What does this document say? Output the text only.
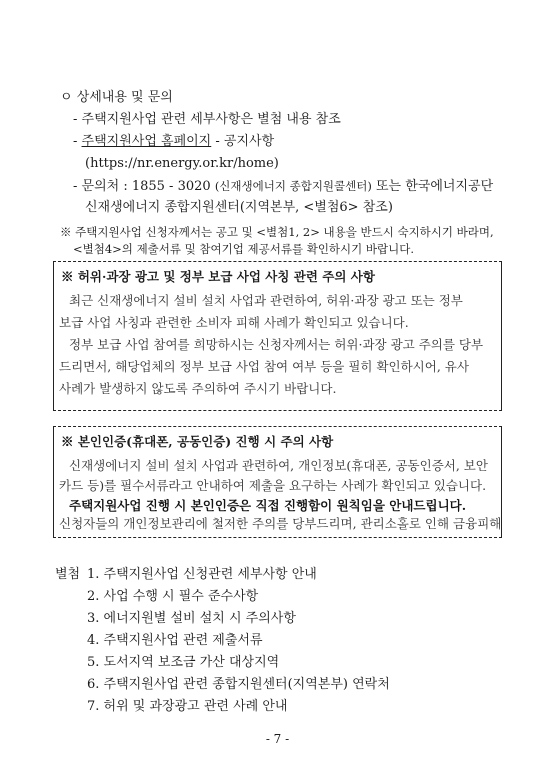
ㅇ 상세내용 및 문의
- 주택지원사업 관련 세부사항은 별첨 내용 참조
- 주택지원사업 홈페이지 - 공지사항
(https://nr.energy.or.kr/home)
- 문의처 : 1855 - 3020 (신재생에너지 종합지원콜센터) 또는 한국에너지공단
신재생에너지 종합지원센터(지역본부, <별첨6> 참조)
※ 주택지원사업 신청자께서는 공고 및 <별첨1, 2> 내용을 반드시 숙지하시기 바라며,
<별첨4>의 제출서류 및 참여기업 제공서류를 확인하시기 바랍니다.
※ 허위·과장 광고 및 정부 보급 사업 사칭 관련 주의 사항
최근 신재생에너지 설비 설치 사업과 관련하여, 허위·과장 광고 또는 정부
보급 사업 사칭과 관련한 소비자 피해 사례가 확인되고 있습니다.
정부 보급 사업 참여를 희망하시는 신청자께서는 허위·과장 광고 주의를 당부
드리면서, 해당업체의 정부 보급 사업 참여 여부 등을 필히 확인하시어, 유사
사례가 발생하지 않도록 주의하여 주시기 바랍니다.
※ 본인인증(휴대폰, 공동인증) 진행 시 주의 사항
신재생에너지 설비 설치 사업과 관련하여, 개인정보(휴대폰, 공동인증서, 보안
카드 등)를 필수서류라고 안내하여 제출을 요구하는 사례가 확인되고 있습니다.
주택지원사업 진행 시 본인인증은 직접 진행함이 원칙임을 안내드립니다.
신청자들의 개인정보관리에 철저한 주의를 당부드리며, 관리소홀로 인해 금융피해
별첨 1. 주택지원사업 신청관련 세부사항 안내
2. 사업 수행 시 필수 준수사항
3. 에너지원별 설비 설치 시 주의사항
4. 주택지원사업 관련 제출서류
5. 도서지역 보조금 가산 대상지역
6. 주택지원사업 관련 종합지원센터(지역본부) 연락처
7. 허위 및 과장광고 관련 사례 안내
- 7 -
